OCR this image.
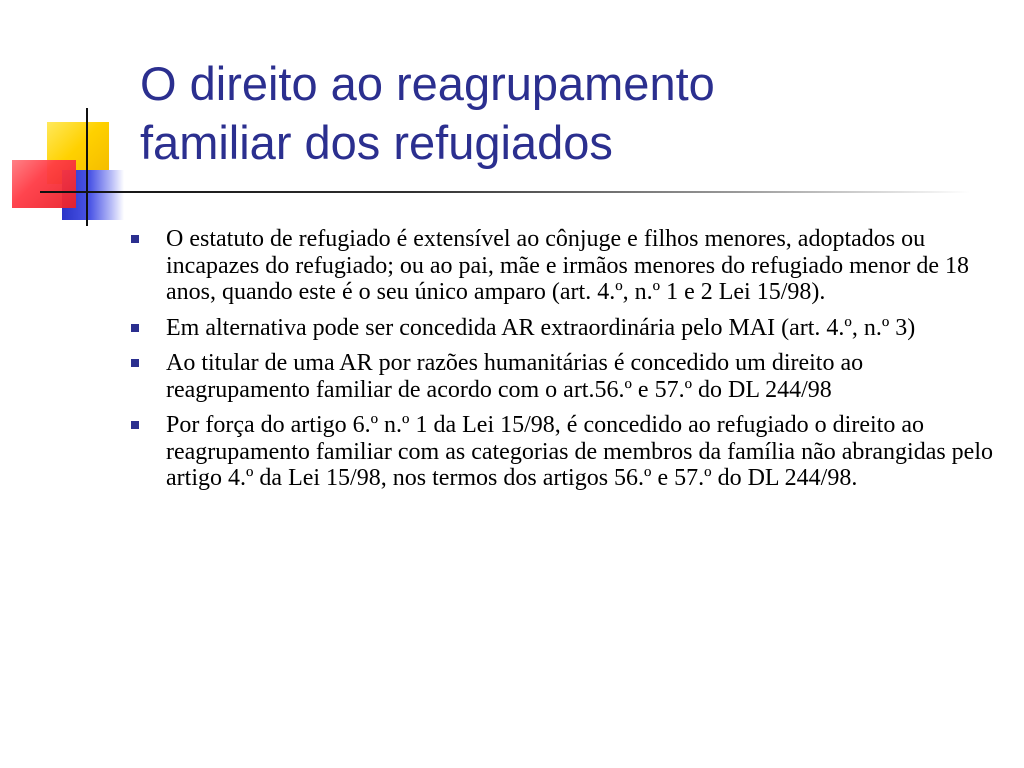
O direito ao reagrupamento
familiar dos refugiados
O estatuto de refugiado é extensível ao cônjuge e filhos menores, adoptados ou incapazes do refugiado; ou ao pai, mãe e irmãos menores do refugiado menor de 18 anos, quando este é o seu único amparo (art. 4.º, n.º 1 e 2 Lei 15/98).
Em alternativa pode ser concedida AR extraordinária pelo MAI (art. 4.º, n.º 3)
Ao titular de uma AR por razões humanitárias é concedido um direito ao reagrupamento familiar de acordo com o art.56.º e 57.º do DL 244/98
Por força do artigo 6.º n.º 1 da Lei 15/98, é concedido ao refugiado o direito ao reagrupamento familiar com as categorias de membros da família não abrangidas pelo artigo 4.º da Lei 15/98, nos termos dos artigos 56.º e 57.º do DL 244/98.
